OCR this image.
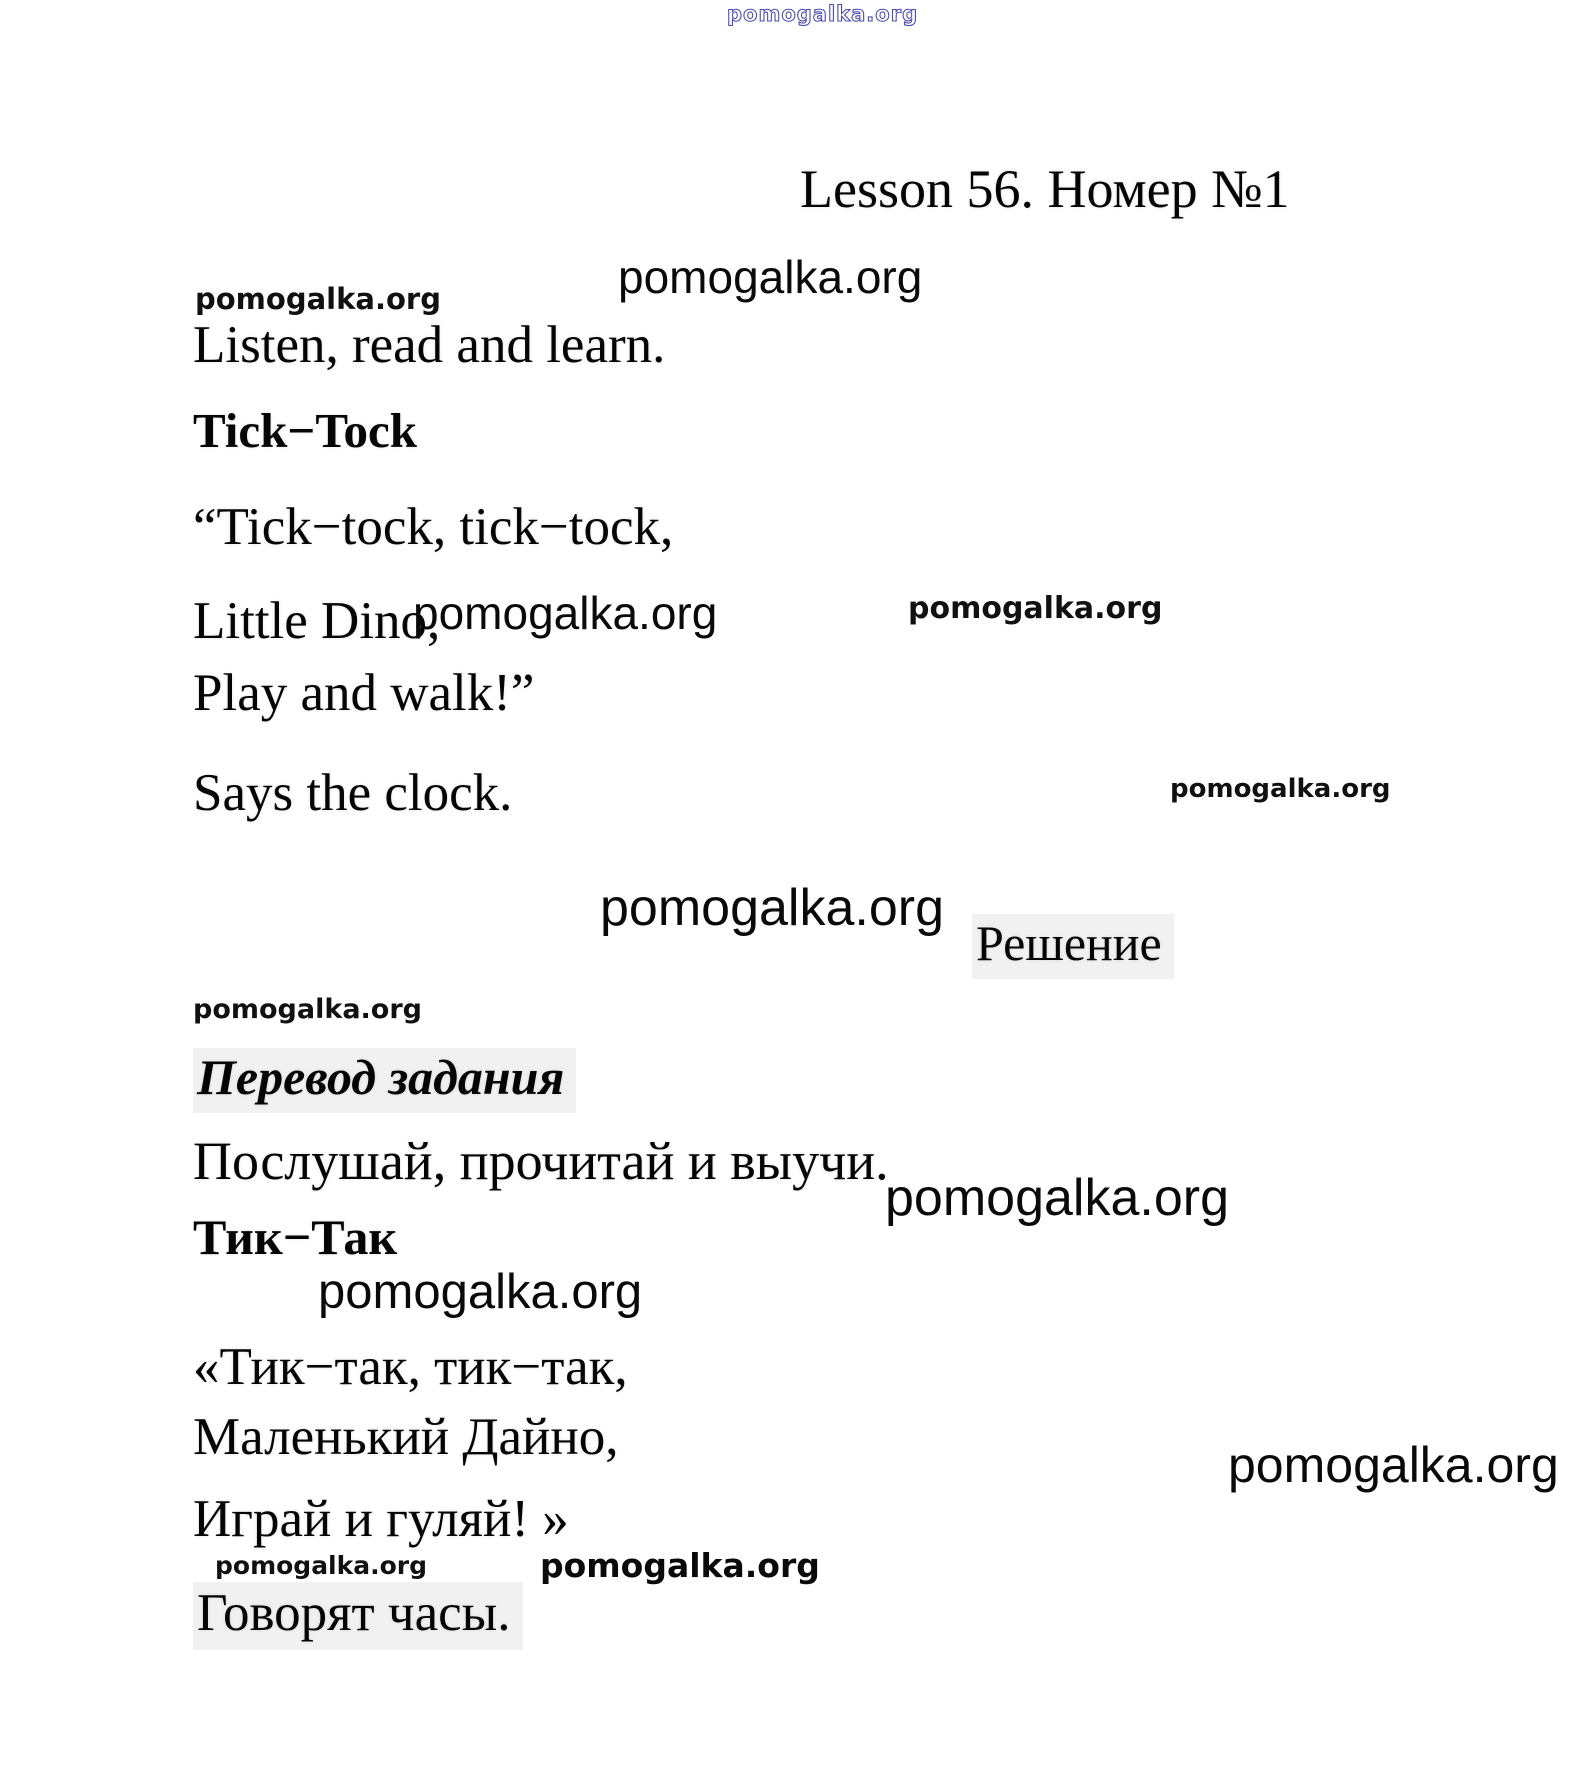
pomogalka.org
Lesson 56. Номер №1
pomogalka.org	pomogalka.org
Listen, read and learn.
Tick−Tock
“Tick−tock, tick−tock,
Little Dino,
pomogalka.org	pomogalka.org
Play and walk!”
Says the clock.	pomogalka.org
pomogalka.org
Решение
pomogalka.org
Перевод задания
Послушай, прочитай и выучи.
pomogalka.org
Тик−Так
pomogalka.org
«Тик−так, тик−так,
Маленький Дайно,	pomogalka.org
Играй и гуляй! »
pomogalka.org	pomogalka.org
Говорят часы.
